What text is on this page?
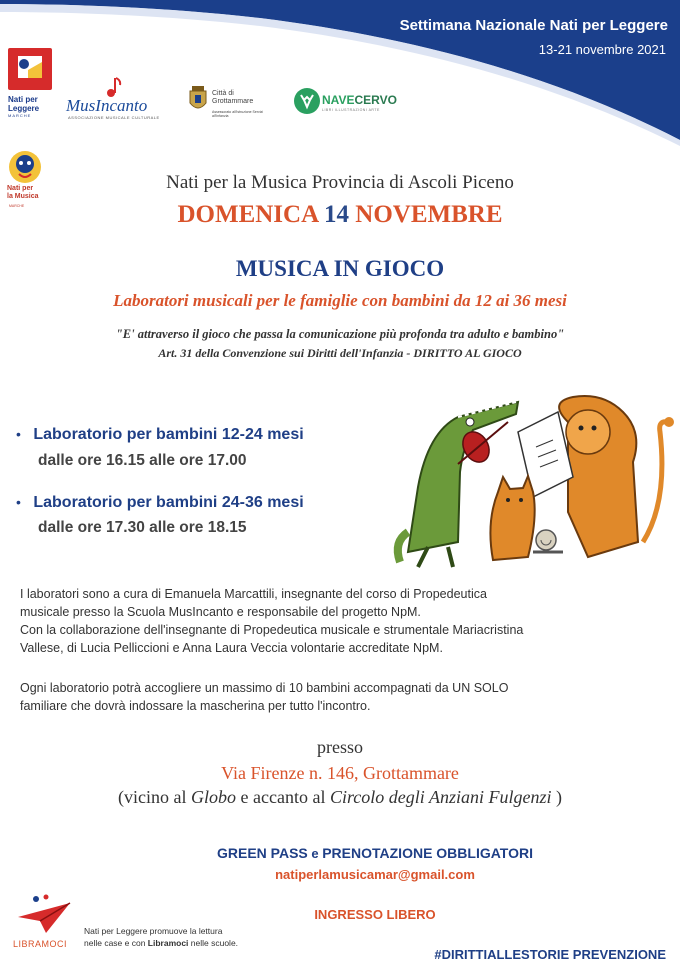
Settimana Nazionale Nati per Leggere
13-21 novembre 2021
Nati per
Leggere
MARCHE
MusIncanto
ASSOCIAZIONE MUSICALE CULTURALE
Città di
Grottammare
Assessorato all'Istruzione Servizi all'Infanzia
NAVECERVO
LIBRI ILLUSTRAZIONI ARTE
Nati per
la Musica
MARCHE
Nati per la Musica Provincia di Ascoli Piceno
DOMENICA 14 NOVEMBRE
MUSICA IN GIOCO
Laboratori musicali per le famiglie con bambini da 12 ai 36 mesi
"E' attraverso il gioco che passa la comunicazione più profonda tra adulto e bambino"
Art. 31 della Convenzione sui Diritti dell'Infanzia - DIRITTO AL GIOCO
• Laboratorio per bambini 12-24 mesi
dalle ore 16.15 alle ore 17.00
• Laboratorio per bambini 24-36 mesi
dalle ore 17.30 alle ore 18.15
I laboratori sono a cura di Emanuela Marcattili, insegnante del corso di Propedeutica
musicale presso la Scuola MusIncanto e responsabile del progetto NpM.
Con la collaborazione dell'insegnante di Propedeutica musicale e strumentale Mariacristina
Vallese, di Lucia Pelliccioni e Anna Laura Veccia volontarie accreditate NpM.
Ogni laboratorio potrà accogliere un massimo di 10 bambini accompagnati da UN SOLO
familiare che dovrà indossare la mascherina per tutto l'incontro.
presso
Via Firenze n. 146, Grottammare
(vicino al Globo e accanto al Circolo degli Anziani Fulgenzi )
GREEN PASS e PRENOTAZIONE OBBLIGATORI
natiperlamusicamar@gmail.com
INGRESSO LIBERO
#DIRITTIALLESTORIE PREVENZIONE
LIBRAMOCI
Nati per Leggere promuove la lettura
nelle case e con Libramoci nelle scuole.
